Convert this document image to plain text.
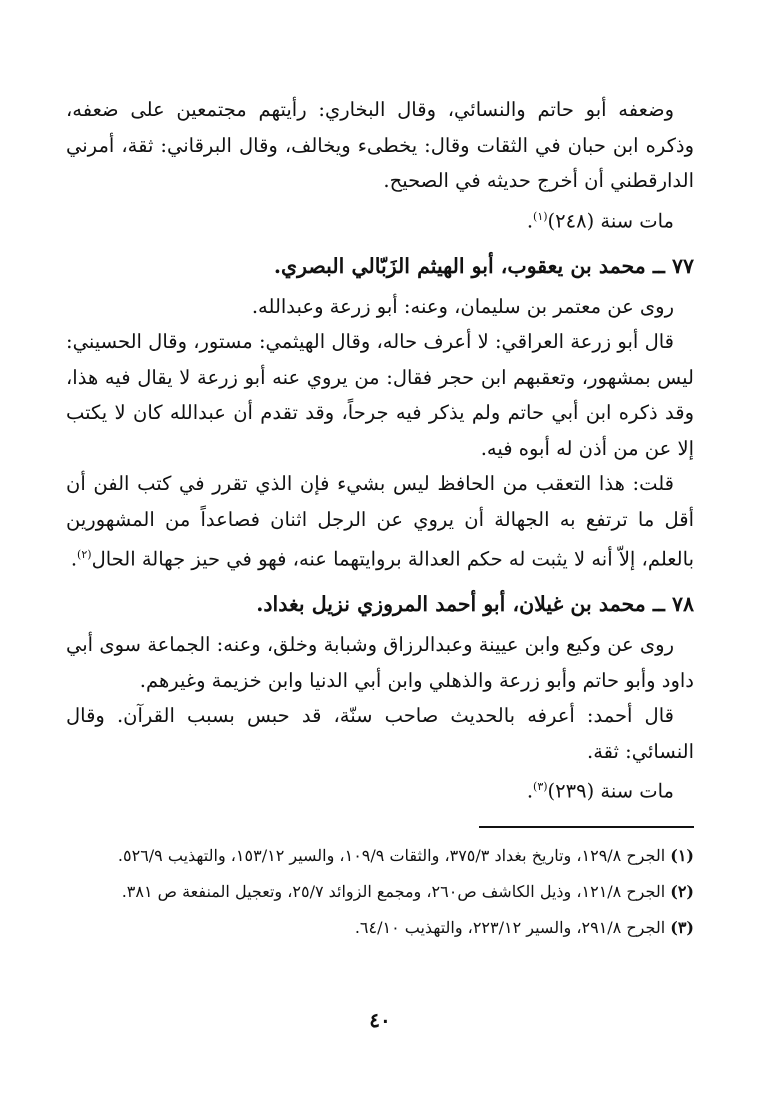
وضعفه أبو حاتم والنسائي، وقال البخاري: رأيتهم مجتمعين على ضعفه، وذكره ابن حبان في الثقات وقال: يخطىء ويخالف، وقال البرقاني: ثقة، أمرني الدارقطني أن أخرج حديثه في الصحيح.

مات سنة (٢٤٨)$^{(١)}$.

٧٧ ــ محمد بن يعقوب، أبو الهيثم الزَبّالي البصري.

روى عن معتمر بن سليمان، وعنه: أبو زرعة وعبدالله.

قال أبو زرعة العراقي: لا أعرف حاله، وقال الهيثمي: مستور، وقال الحسيني: ليس بمشهور، وتعقبهم ابن حجر فقال: من يروي عنه أبو زرعة لا يقال فيه هذا، وقد ذكره ابن أبي حاتم ولم يذكر فيه جرحاً، وقد تقدم أن عبدالله كان لا يكتب إلا عن من أذن له أبوه فيه.

قلت: هذا التعقب من الحافظ ليس بشيء فإن الذي تقرر في كتب الفن أن أقل ما ترتفع به الجهالة أن يروي عن الرجل اثنان فصاعداً من المشهورين بالعلم، إلاّ أنه لا يثبت له حكم العدالة بروايتهما عنه، فهو في حيز جهالة الحال$^{(٢)}$.

٧٨ ــ محمد بن غيلان، أبو أحمد المروزي نزيل بغداد.

روى عن وكيع وابن عيينة وعبدالرزاق وشبابة وخلق، وعنه: الجماعة سوى أبي داود وأبو حاتم وأبو زرعة والذهلي وابن أبي الدنيا وابن خزيمة وغيرهم.

قال أحمد: أعرفه بالحديث صاحب سنّة، قد حبس بسبب القرآن. وقال النسائي: ثقة.

مات سنة (٢٣٩)$^{(٣)}$.

(١) الجرح ١٢٩/٨، وتاريخ بغداد ٣٧٥/٣، والثقات ١٠٩/٩، والسير ١٥٣/١٢، والتهذيب ٥٢٦/٩.

(٢) الجرح ١٢١/٨، وذيل الكاشف ص٢٦٠، ومجمع الزوائد ٢٥/٧، وتعجيل المنفعة ص ٣٨١.

(٣) الجرح ٢٩١/٨، والسير ٢٢٣/١٢، والتهذيب ٦٤/١٠.

٤٠
